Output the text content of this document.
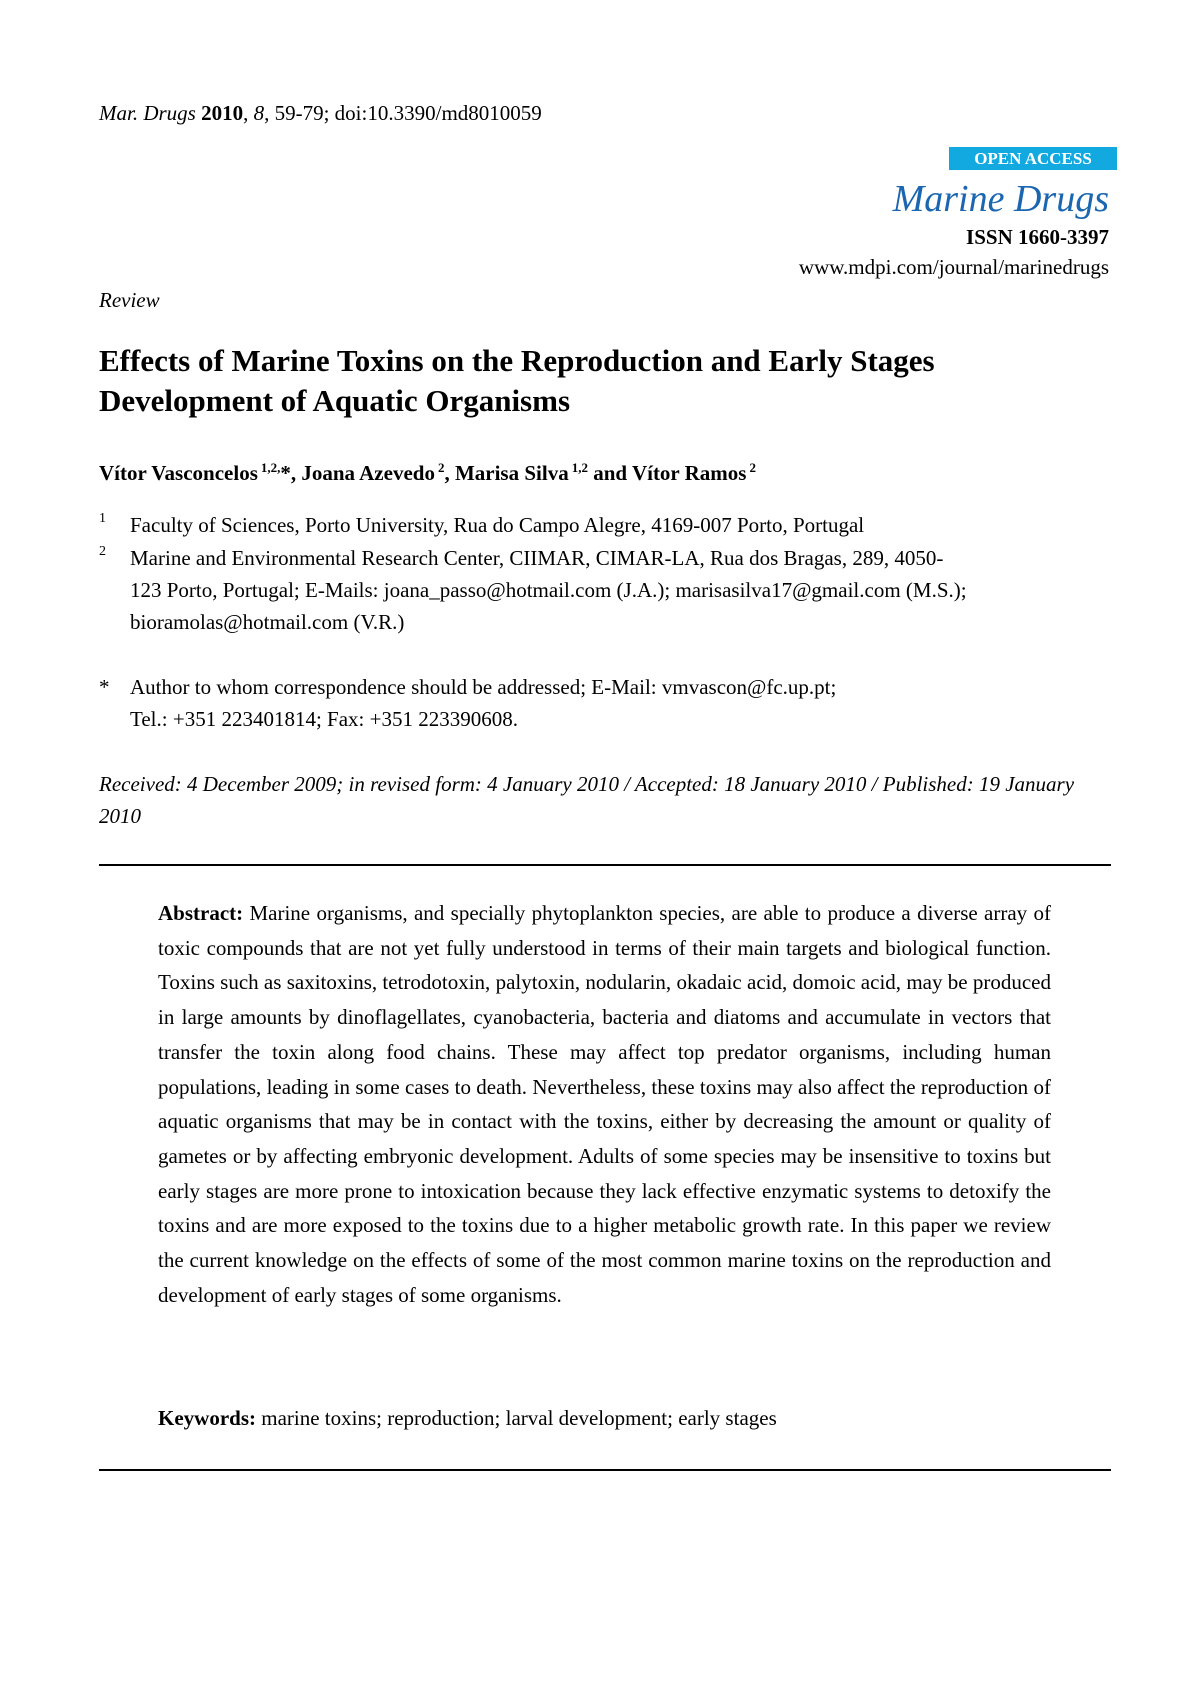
Mar. Drugs 2010, 8, 59-79; doi:10.3390/md8010059
OPEN ACCESS
Marine Drugs
ISSN 1660-3397
www.mdpi.com/journal/marinedrugs
Review
Effects of Marine Toxins on the Reproduction and Early Stages Development of Aquatic Organisms
Vítor Vasconcelos $^{1,2,}$*, Joana Azevedo $^2$, Marisa Silva $^{1,2}$ and Vítor Ramos $^2$
1 Faculty of Sciences, Porto University, Rua do Campo Alegre, 4169-007 Porto, Portugal
2 Marine and Environmental Research Center, CIIMAR, CIMAR-LA, Rua dos Bragas, 289, 4050-
123 Porto, Portugal; E-Mails: joana_passo@hotmail.com (J.A.); marisasilva17@gmail.com (M.S.);
bioramolas@hotmail.com (V.R.)
* Author to whom correspondence should be addressed; E-Mail: vmvascon@fc.up.pt;
Tel.: +351 223401814; Fax: +351 223390608.
Received: 4 December 2009; in revised form: 4 January 2010 / Accepted: 18 January 2010 / Published: 19 January 2010
Abstract: Marine organisms, and specially phytoplankton species, are able to produce a diverse array of toxic compounds that are not yet fully understood in terms of their main targets and biological function. Toxins such as saxitoxins, tetrodotoxin, palytoxin, nodularin, okadaic acid, domoic acid, may be produced in large amounts by dinoflagellates, cyanobacteria, bacteria and diatoms and accumulate in vectors that transfer the toxin along food chains. These may affect top predator organisms, including human populations, leading in some cases to death. Nevertheless, these toxins may also affect the reproduction of aquatic organisms that may be in contact with the toxins, either by decreasing the amount or quality of gametes or by affecting embryonic development. Adults of some species may be insensitive to toxins but early stages are more prone to intoxication because they lack effective enzymatic systems to detoxify the toxins and are more exposed to the toxins due to a higher metabolic growth rate. In this paper we review the current knowledge on the effects of some of the most common marine toxins on the reproduction and development of early stages of some organisms.
Keywords: marine toxins; reproduction; larval development; early stages
